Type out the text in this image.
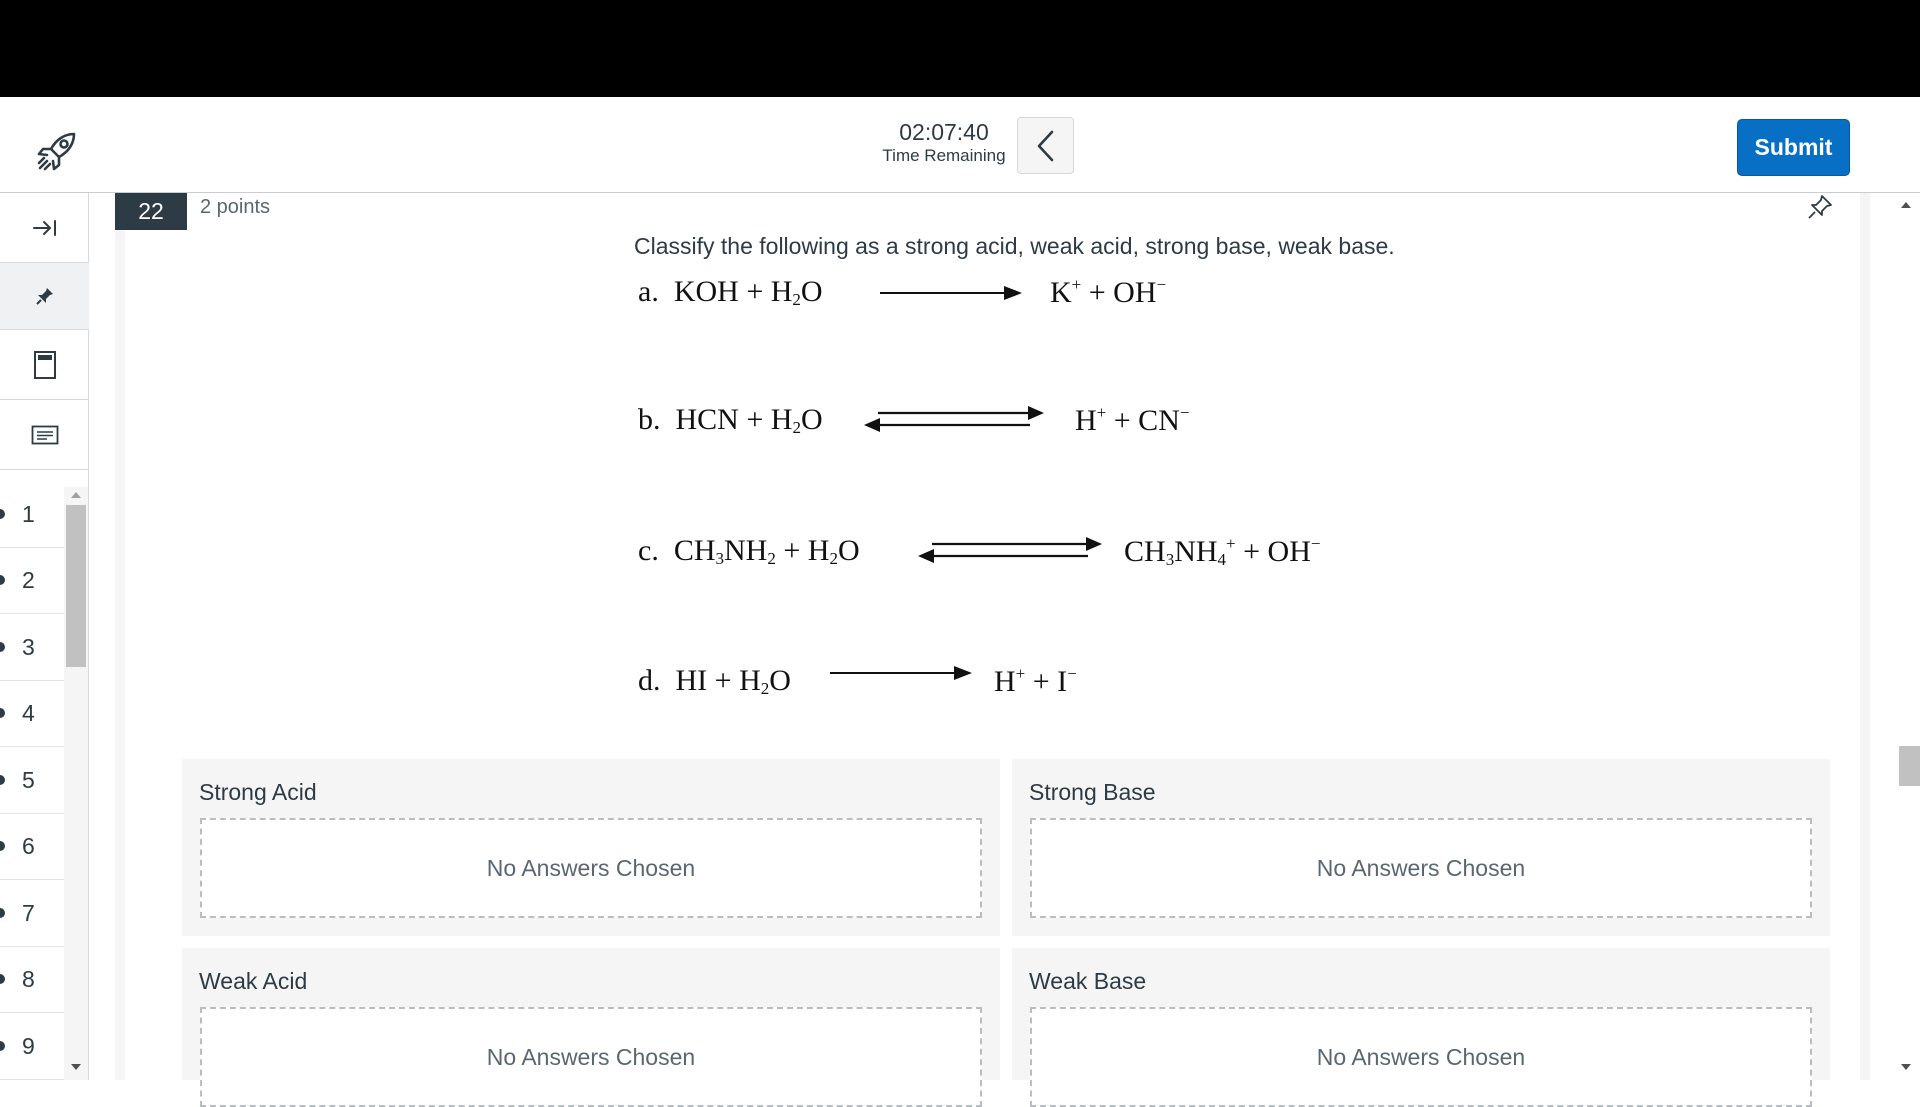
02:07:40
Time Remaining	Submit
1
2
3
4
5
6
7
8
9
22	2 points
Classify the following as a strong acid, weak acid, strong base, weak base.
a. KOH + $H_2O$	K+ + OH−
b. HCN + $H_2O$	H+ + CN−
c. $CH_3NH_2 + H_2O$	$CH_3NH_4^+ + OH^-$
d. HI + $H_2O$	H+ + I−
Strong Acid
No Answers Chosen
Strong Base
No Answers Chosen
Weak Acid
No Answers Chosen
Weak Base
No Answers Chosen
